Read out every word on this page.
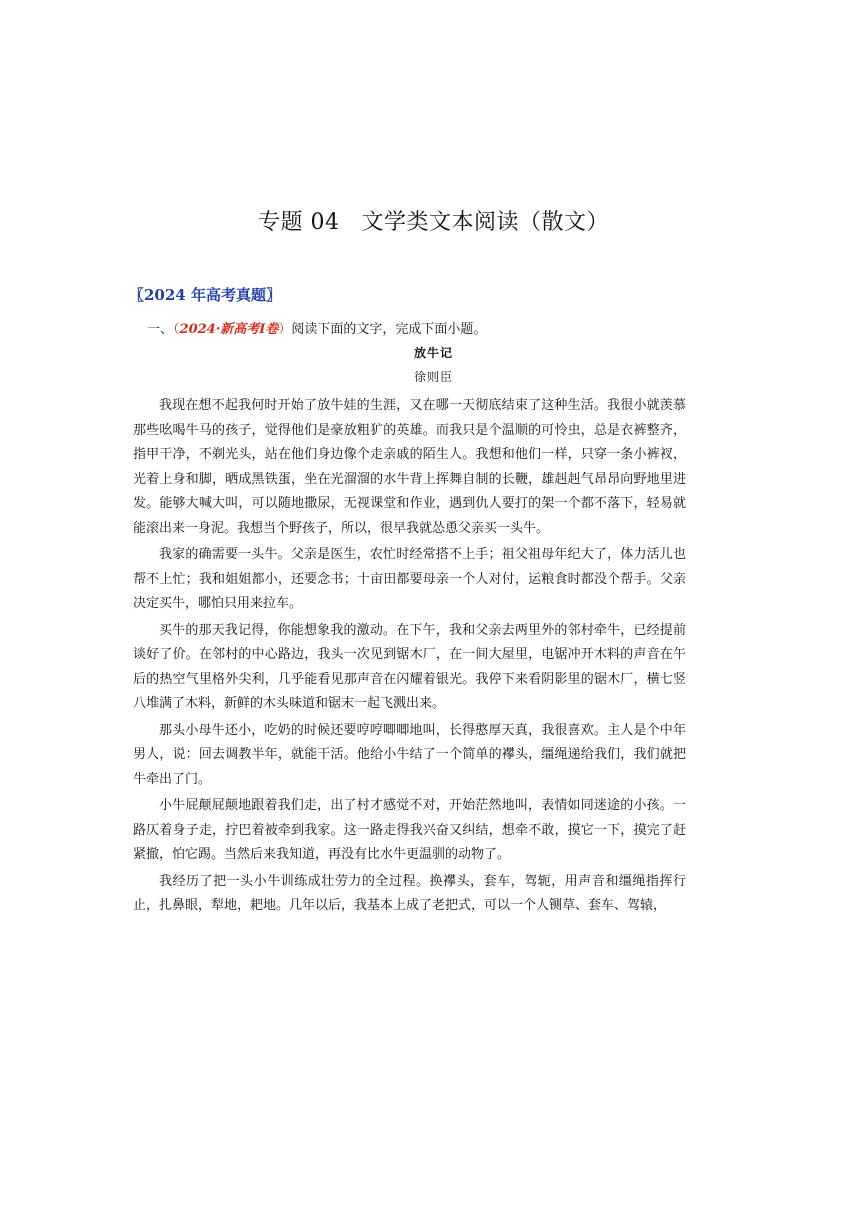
专题 04 文学类文本阅读（散文）
〖2024 年高考真题〗
一、（2024·新高考Ⅰ卷）阅读下面的文字，完成下面小题。
放牛记
徐则臣

我现在想不起我何时开始了放牛娃的生涯，又在哪一天彻底结束了这种生活。我很小就羡慕那些吆喝牛马的孩子，觉得他们是豪放粗犷的英雄。而我只是个温顺的可怜虫，总是衣裤整齐，指甲干净，不剃光头，站在他们身边像个走亲戚的陌生人。我想和他们一样，只穿一条小裤衩，光着上身和脚，晒成黑铁蛋，坐在光溜溜的水牛背上挥舞自制的长鞭，雄赳赳气昂昂向野地里进发。能够大喊大叫，可以随地撒尿，无视课堂和作业，遇到仇人要打的架一个都不落下，轻易就能滚出来一身泥。我想当个野孩子，所以，很早我就怂恿父亲买一头牛。

我家的确需要一头牛。父亲是医生，农忙时经常搭不上手；祖父祖母年纪大了，体力活儿也帮不上忙；我和姐姐都小，还要念书；十亩田都要母亲一个人对付，运粮食时都没个帮手。父亲决定买牛，哪怕只用来拉车。

买牛的那天我记得，你能想象我的激动。在下午，我和父亲去两里外的邻村牵牛，已经提前谈好了价。在邻村的中心路边，我头一次见到锯木厂，在一间大屋里，电锯冲开木料的声音在午后的热空气里格外尖利，几乎能看见那声音在闪耀着银光。我停下来看阴影里的锯木厂，横七竖八堆满了木料，新鲜的木头味道和锯末一起飞溅出来。

那头小母牛还小，吃奶的时候还要哼哼唧唧地叫，长得憨厚天真，我很喜欢。主人是个中年男人，说：回去调教半年，就能干活。他给小牛结了一个简单的襻头，缰绳递给我们，我们就把牛牵出了门。

小牛屁颠屁颠地跟着我们走，出了村才感觉不对，开始茫然地叫，表情如同迷途的小孩。一路仄着身子走，拧巴着被牵到我家。这一路走得我兴奋又纠结，想牵不敢，摸它一下，摸完了赶紧撤，怕它踢。当然后来我知道，再没有比水牛更温驯的动物了。

我经历了把一头小牛训练成壮劳力的全过程。换襻头，套车，驾轭，用声音和缰绳指挥行止，扎鼻眼，犁地，耙地。几年以后，我基本上成了老把式，可以一个人铡草、套车、驾辕，
